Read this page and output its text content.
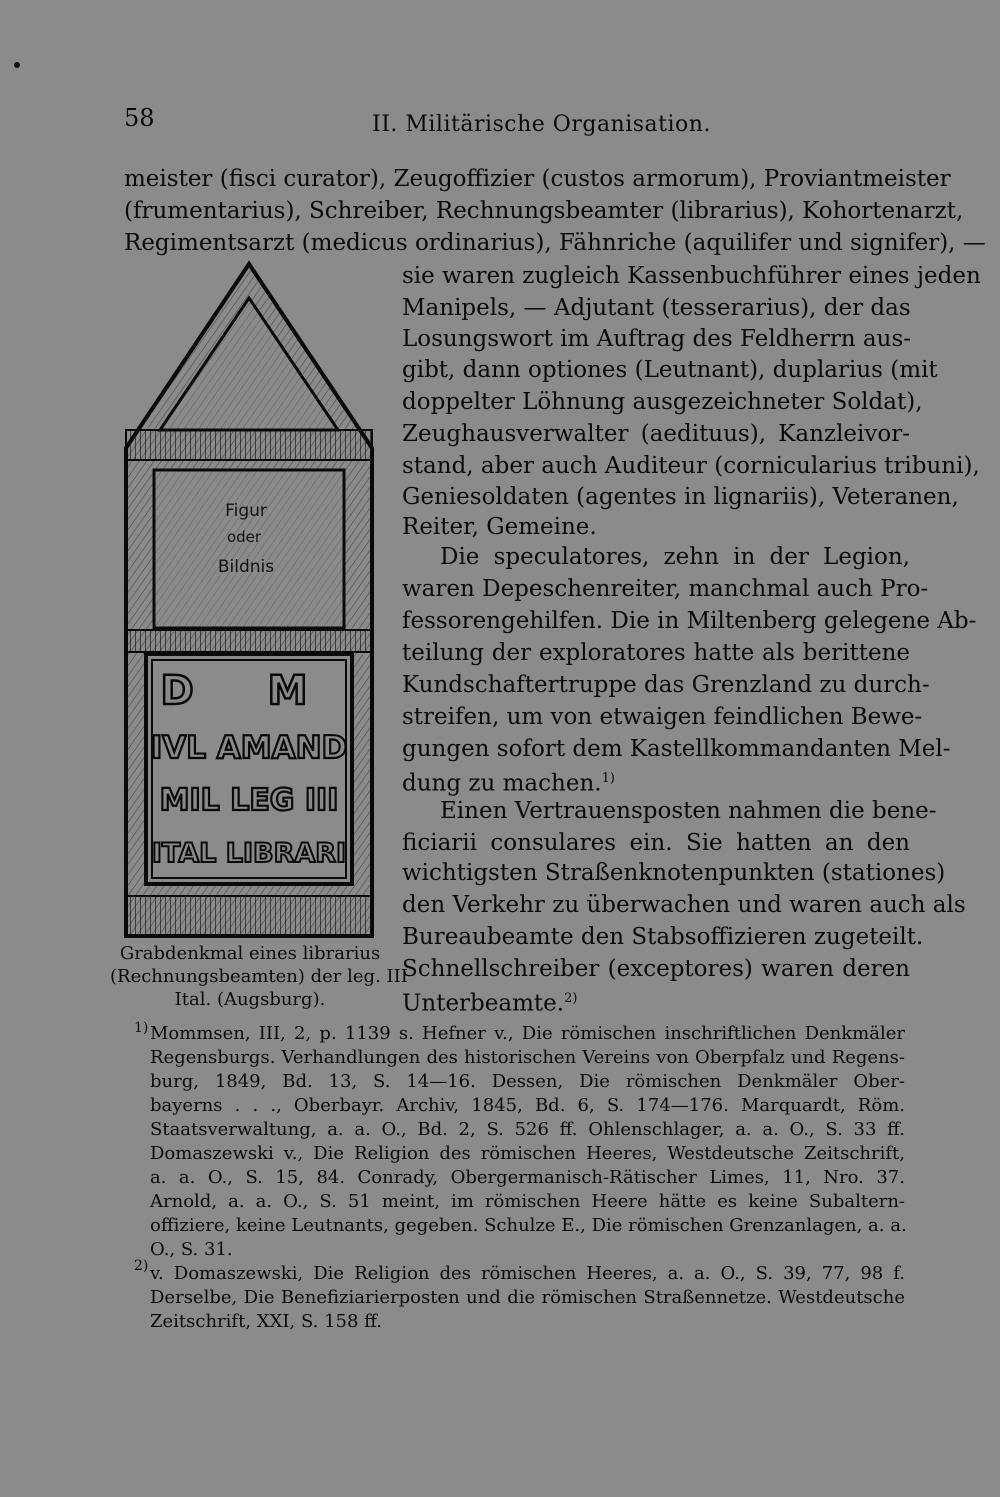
58	II. Militärische Organisation.
meister (fisci curator), Zeugoffizier (custos armorum), Proviantmeister
(frumentarius), Schreiber, Rechnungsbeamter (librarius), Kohortenarzt,
Regimentsarzt (medicus ordinarius), Fähnriche (aquilifer und signifer), —
sie waren zugleich Kassenbuchführer eines jeden
Manipels, — Adjutant (tesserarius), der das
Losungswort im Auftrag des Feldherrn aus-
gibt, dann optiones (Leutnant), duplarius (mit
doppelter Löhnung ausgezeichneter Soldat),
Zeughausverwalter (aedituus), Kanzleivor-
stand, aber auch Auditeur (cornicularius tribuni),
Geniesoldaten (agentes in lignariis), Veteranen,
Reiter, Gemeine.
Die speculatores, zehn in der Legion,
waren Depeschenreiter, manchmal auch Pro-
fessorengehilfen. Die in Miltenberg gelegene Ab-
teilung der exploratores hatte als berittene
Kundschaftertruppe das Grenzland zu durch-
streifen, um von etwaigen feindlichen Bewe-
gungen sofort dem Kastellkommandanten Mel-
dung zu machen.$^{1)}$
Einen Vertrauensposten nahmen die bene-
ficiarii consulares ein. Sie hatten an den
wichtigsten Straßenknotenpunkten (stationes)
den Verkehr zu überwachen und waren auch als
Bureaubeamte den Stabsoffizieren zugeteilt.
Schnellschreiber (exceptores) waren deren
Unterbeamte.$^{2)}$
Figur
oder
Bildnis
D M
IVL AMAND
MIL LEG III
ITAL LIBRARI
Grabdenkmal eines librarius
(Rechnungsbeamten) der leg. III
Ital. (Augsburg).
1) Mommsen, III, 2, p. 1139 s. Hefner v., Die römischen inschriftlichen Denkmäler
Regensburgs. Verhandlungen des historischen Vereins von Oberpfalz und Regens-
burg, 1849, Bd. 13, S. 14—16. Dessen, Die römischen Denkmäler Ober-
bayerns . . ., Oberbayr. Archiv, 1845, Bd. 6, S. 174—176. Marquardt, Röm.
Staatsverwaltung, a. a. O., Bd. 2, S. 526 ff. Ohlenschlager, a. a. O., S. 33 ff.
Domaszewski v., Die Religion des römischen Heeres, Westdeutsche Zeitschrift,
a. a. O., S. 15, 84. Conrady, Obergermanisch-Rätischer Limes, 11, Nro. 37.
Arnold, a. a. O., S. 51 meint, im römischen Heere hätte es keine Subaltern-
offiziere, keine Leutnants, gegeben. Schulze E., Die römischen Grenzanlagen, a. a.
O., S. 31.
2) v. Domaszewski, Die Religion des römischen Heeres, a. a. O., S. 39, 77, 98 f.
Derselbe, Die Benefiziarierposten und die römischen Straßennetze. Westdeutsche
Zeitschrift, XXI, S. 158 ff.
